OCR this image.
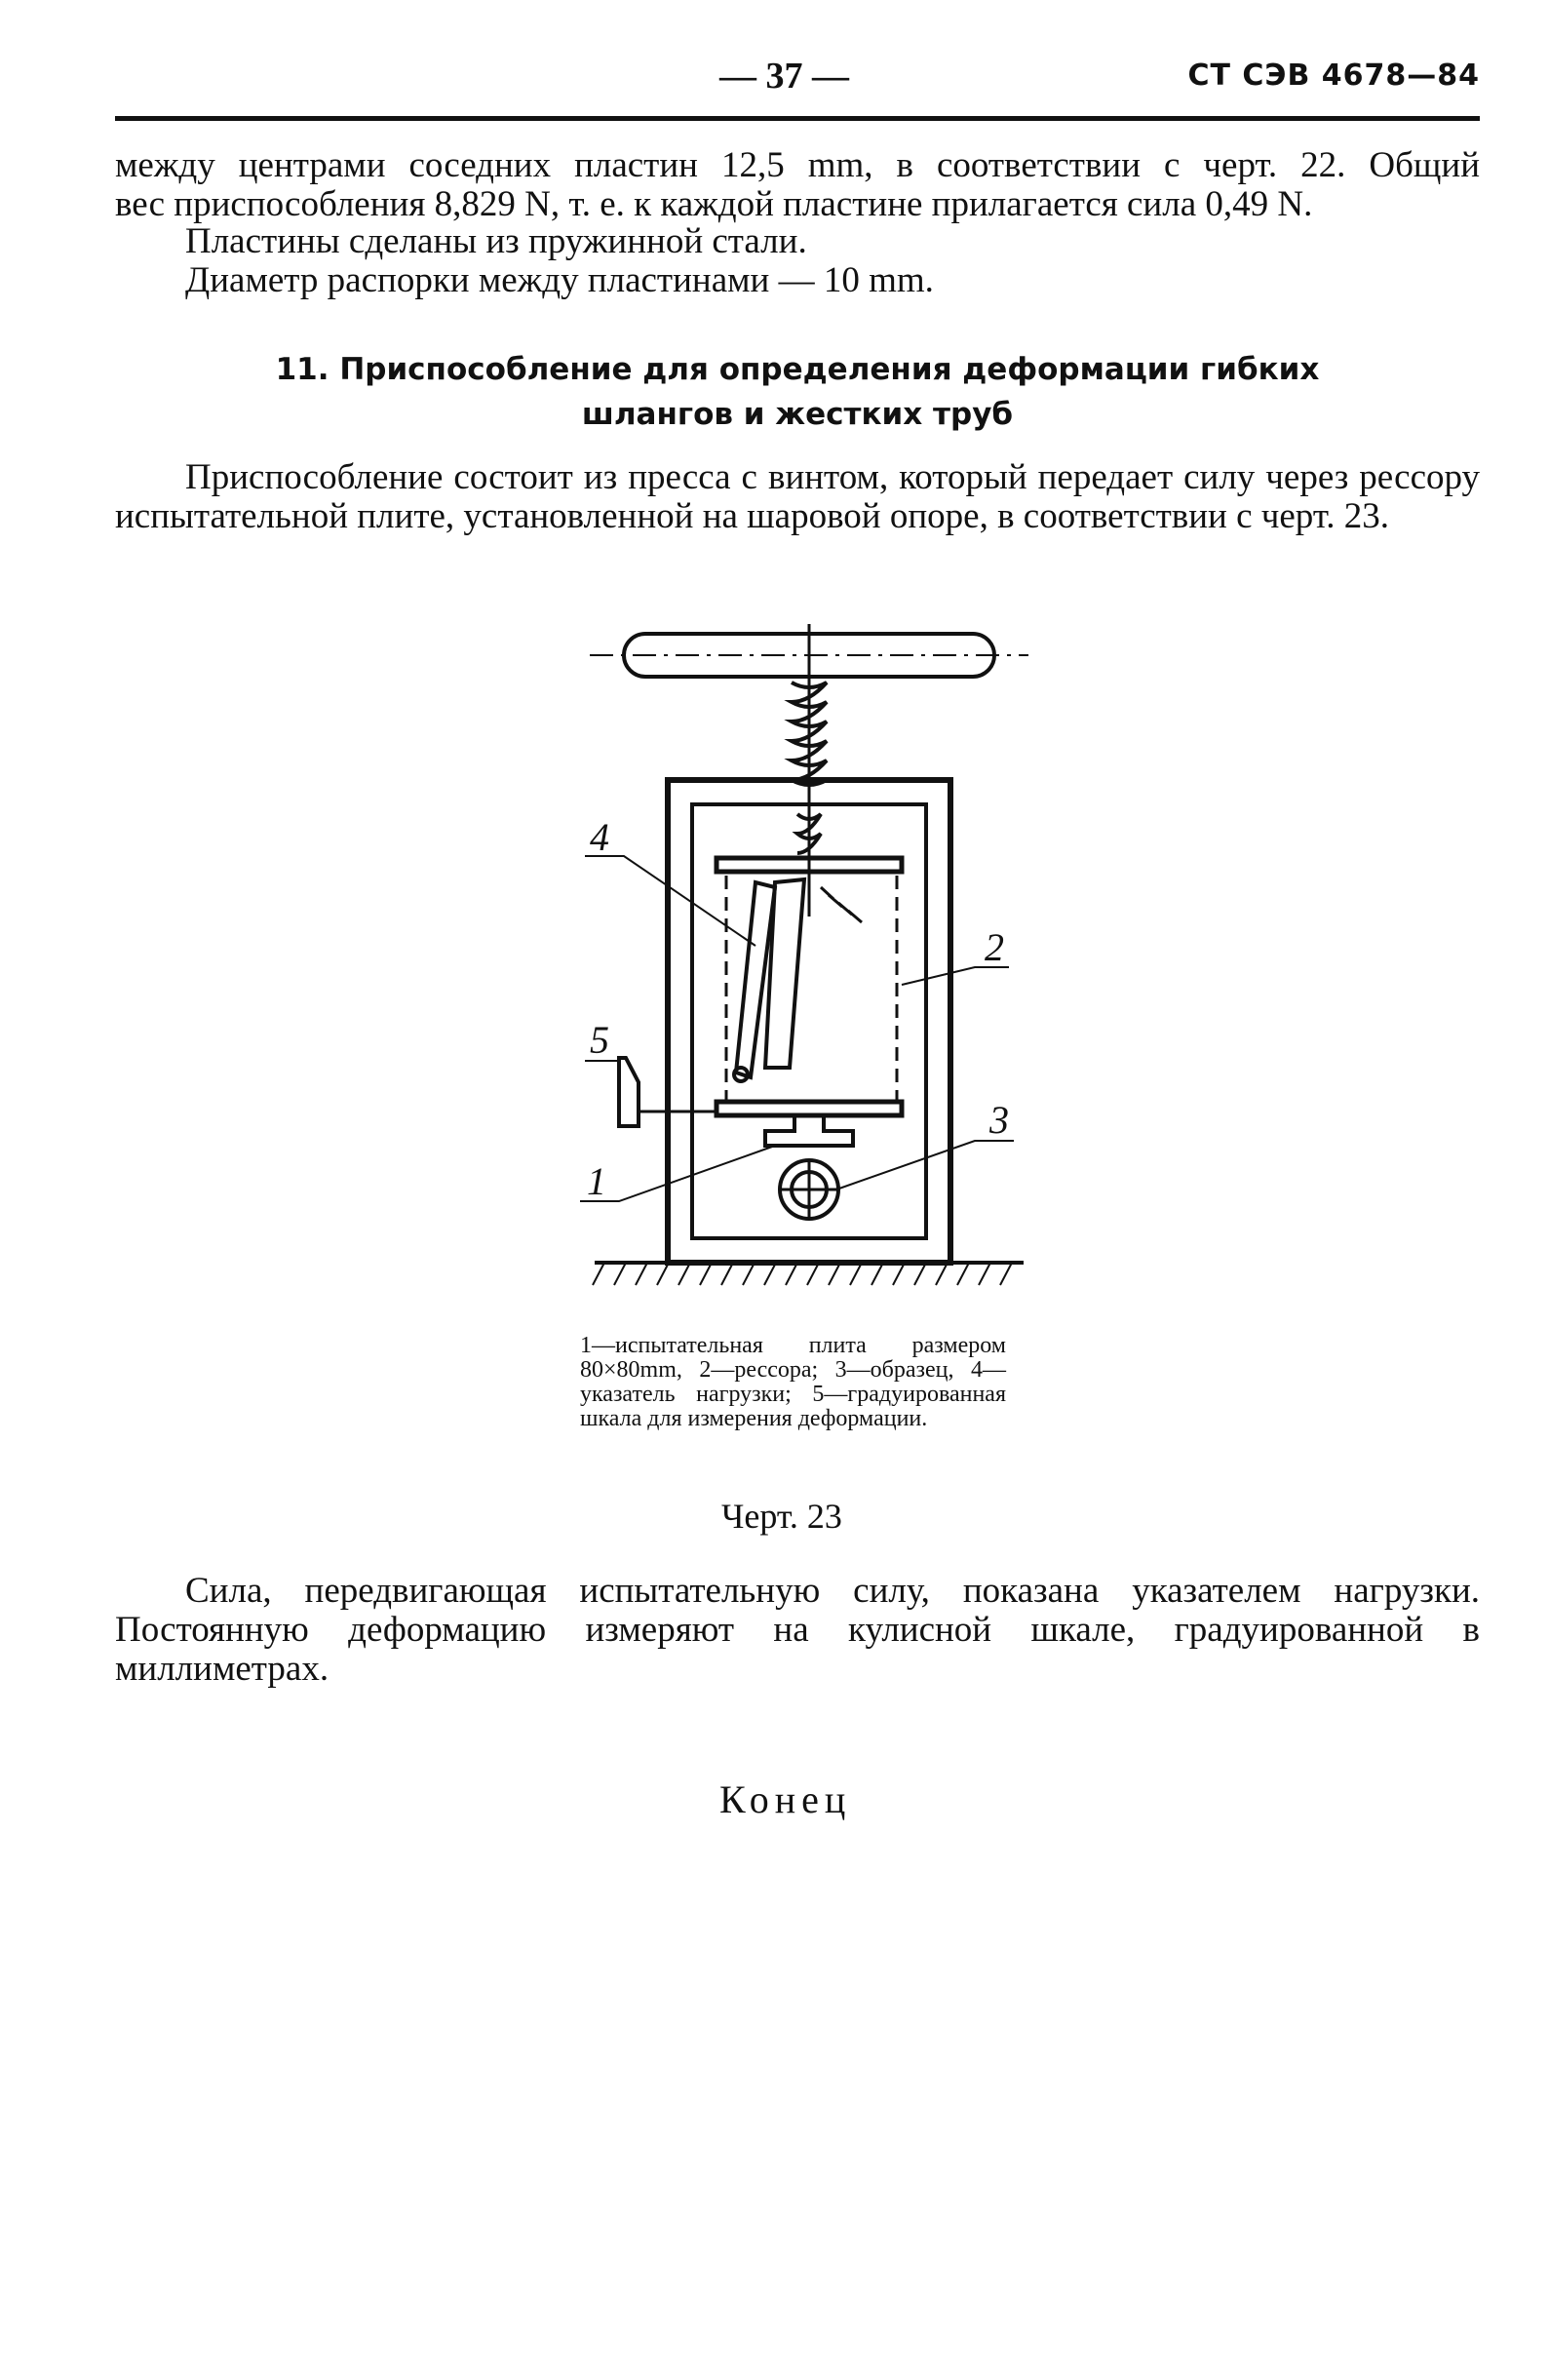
— 37 —	СТ СЭВ 4678—84
между центрами соседних пластин 12,5 mm, в соответствии с черт. 22. Общий
вес приспособления 8,829 N, т. е. к каждой пластине прилагается сила 0,49 N.
Пластины сделаны из пружинной стали.
Диаметр распорки между пластинами — 10 mm.
11. Приспособление для определения деформации гибких
шлангов и жестких труб
Приспособление состоит из пресса с винтом, который передает силу через рессору испытательной плите, установленной на шаровой опоре, в соответствии с черт. 23.
4
2
5
3
1
1—испытательная плита размером 80×80mm, 2—рессора; 3—образец, 4—указатель нагрузки; 5—градуированная шкала для измерения деформации.
Черт. 23
Сила, передвигающая испытательную силу, показана указателем нагрузки. Постоянную деформацию измеряют на кулисной шкале, градуированной в миллиметрах.
Конец
